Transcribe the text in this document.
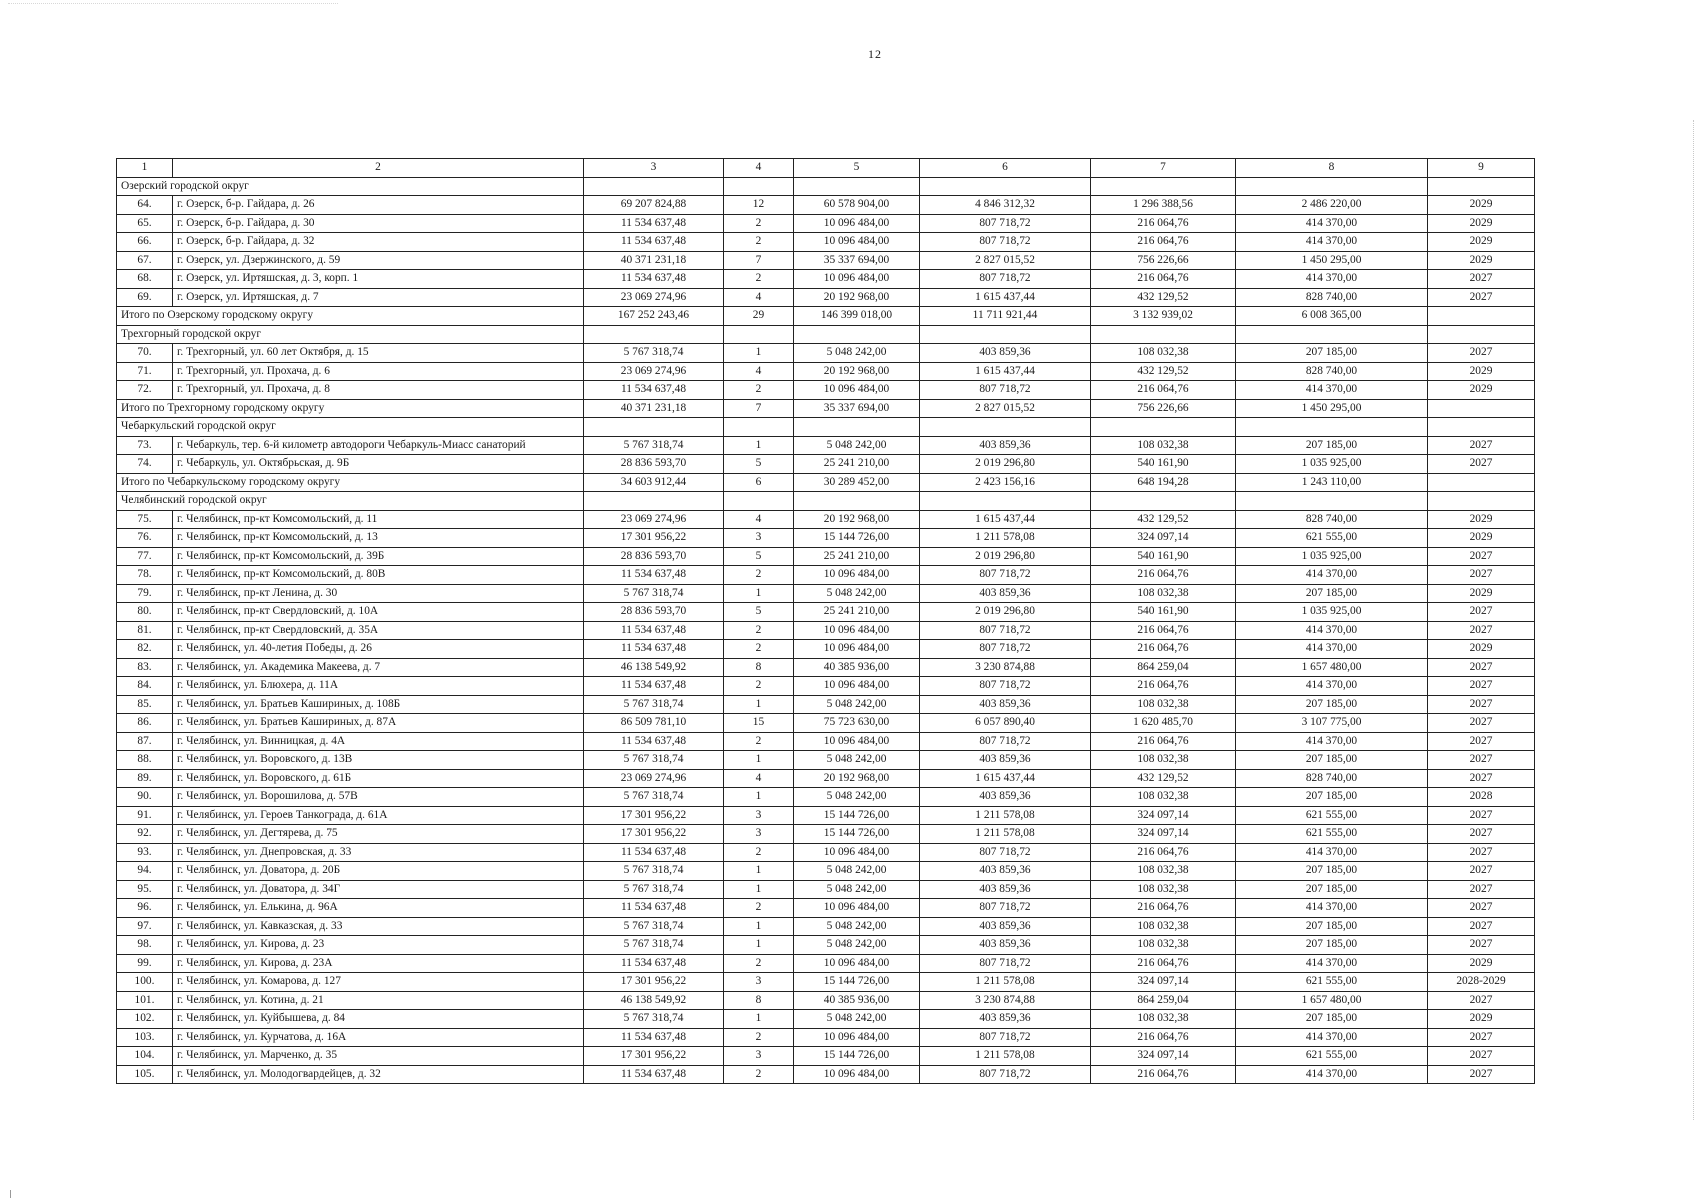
12
1	2	3	4	5	6	7	8	9
Озерский городской округ								
64.	г. Озерск, б-р. Гайдара, д. 26	69 207 824,88	12	60 578 904,00	4 846 312,32	1 296 388,56	2 486 220,00	2029
65.	г. Озерск, б-р. Гайдара, д. 30	11 534 637,48	2	10 096 484,00	807 718,72	216 064,76	414 370,00	2029
66.	г. Озерск, б-р. Гайдара, д. 32	11 534 637,48	2	10 096 484,00	807 718,72	216 064,76	414 370,00	2029
67.	г. Озерск, ул. Дзержинского, д. 59	40 371 231,18	7	35 337 694,00	2 827 015,52	756 226,66	1 450 295,00	2029
68.	г. Озерск, ул. Иртяшская, д. 3, корп. 1	11 534 637,48	2	10 096 484,00	807 718,72	216 064,76	414 370,00	2027
69.	г. Озерск, ул. Иртяшская, д. 7	23 069 274,96	4	20 192 968,00	1 615 437,44	432 129,52	828 740,00	2027
Итого по Озерскому городскому округу		167 252 243,46	29	146 399 018,00	11 711 921,44	3 132 939,02	6 008 365,00	
Трехгорный городской округ								
70.	г. Трехгорный, ул. 60 лет Октября, д. 15	5 767 318,74	1	5 048 242,00	403 859,36	108 032,38	207 185,00	2027
71.	г. Трехгорный, ул. Прохача, д. 6	23 069 274,96	4	20 192 968,00	1 615 437,44	432 129,52	828 740,00	2029
72.	г. Трехгорный, ул. Прохача, д. 8	11 534 637,48	2	10 096 484,00	807 718,72	216 064,76	414 370,00	2029
Итого по Трехгорному городскому округу		40 371 231,18	7	35 337 694,00	2 827 015,52	756 226,66	1 450 295,00	
Чебаркульский городской округ								
73.	г. Чебаркуль, тер. 6-й километр автодороги Чебаркуль-Миасс санаторий	5 767 318,74	1	5 048 242,00	403 859,36	108 032,38	207 185,00	2027
74.	г. Чебаркуль, ул. Октябрьская, д. 9Б	28 836 593,70	5	25 241 210,00	2 019 296,80	540 161,90	1 035 925,00	2027
Итого по Чебаркульскому городскому округу		34 603 912,44	6	30 289 452,00	2 423 156,16	648 194,28	1 243 110,00	
Челябинский городской округ								
75.	г. Челябинск, пр-кт Комсомольский, д. 11	23 069 274,96	4	20 192 968,00	1 615 437,44	432 129,52	828 740,00	2029
76.	г. Челябинск, пр-кт Комсомольский, д. 13	17 301 956,22	3	15 144 726,00	1 211 578,08	324 097,14	621 555,00	2029
77.	г. Челябинск, пр-кт Комсомольский, д. 39Б	28 836 593,70	5	25 241 210,00	2 019 296,80	540 161,90	1 035 925,00	2027
78.	г. Челябинск, пр-кт Комсомольский, д. 80В	11 534 637,48	2	10 096 484,00	807 718,72	216 064,76	414 370,00	2027
79.	г. Челябинск, пр-кт Ленина, д. 30	5 767 318,74	1	5 048 242,00	403 859,36	108 032,38	207 185,00	2029
80.	г. Челябинск, пр-кт Свердловский, д. 10А	28 836 593,70	5	25 241 210,00	2 019 296,80	540 161,90	1 035 925,00	2027
81.	г. Челябинск, пр-кт Свердловский, д. 35А	11 534 637,48	2	10 096 484,00	807 718,72	216 064,76	414 370,00	2027
82.	г. Челябинск, ул. 40-летия Победы, д. 26	11 534 637,48	2	10 096 484,00	807 718,72	216 064,76	414 370,00	2029
83.	г. Челябинск, ул. Академика Макеева, д. 7	46 138 549,92	8	40 385 936,00	3 230 874,88	864 259,04	1 657 480,00	2027
84.	г. Челябинск, ул. Блюхера, д. 11А	11 534 637,48	2	10 096 484,00	807 718,72	216 064,76	414 370,00	2027
85.	г. Челябинск, ул. Братьев Кашириных, д. 108Б	5 767 318,74	1	5 048 242,00	403 859,36	108 032,38	207 185,00	2027
86.	г. Челябинск, ул. Братьев Кашириных, д. 87А	86 509 781,10	15	75 723 630,00	6 057 890,40	1 620 485,70	3 107 775,00	2027
87.	г. Челябинск, ул. Винницкая, д. 4А	11 534 637,48	2	10 096 484,00	807 718,72	216 064,76	414 370,00	2027
88.	г. Челябинск, ул. Воровского, д. 13В	5 767 318,74	1	5 048 242,00	403 859,36	108 032,38	207 185,00	2027
89.	г. Челябинск, ул. Воровского, д. 61Б	23 069 274,96	4	20 192 968,00	1 615 437,44	432 129,52	828 740,00	2027
90.	г. Челябинск, ул. Ворошилова, д. 57В	5 767 318,74	1	5 048 242,00	403 859,36	108 032,38	207 185,00	2028
91.	г. Челябинск, ул. Героев Танкограда, д. 61А	17 301 956,22	3	15 144 726,00	1 211 578,08	324 097,14	621 555,00	2027
92.	г. Челябинск, ул. Дегтярева, д. 75	17 301 956,22	3	15 144 726,00	1 211 578,08	324 097,14	621 555,00	2027
93.	г. Челябинск, ул. Днепровская, д. 33	11 534 637,48	2	10 096 484,00	807 718,72	216 064,76	414 370,00	2027
94.	г. Челябинск, ул. Доватора, д. 20Б	5 767 318,74	1	5 048 242,00	403 859,36	108 032,38	207 185,00	2027
95.	г. Челябинск, ул. Доватора, д. 34Г	5 767 318,74	1	5 048 242,00	403 859,36	108 032,38	207 185,00	2027
96.	г. Челябинск, ул. Елькина, д. 96А	11 534 637,48	2	10 096 484,00	807 718,72	216 064,76	414 370,00	2027
97.	г. Челябинск, ул. Кавказская, д. 33	5 767 318,74	1	5 048 242,00	403 859,36	108 032,38	207 185,00	2027
98.	г. Челябинск, ул. Кирова, д. 23	5 767 318,74	1	5 048 242,00	403 859,36	108 032,38	207 185,00	2027
99.	г. Челябинск, ул. Кирова, д. 23А	11 534 637,48	2	10 096 484,00	807 718,72	216 064,76	414 370,00	2029
100.	г. Челябинск, ул. Комарова, д. 127	17 301 956,22	3	15 144 726,00	1 211 578,08	324 097,14	621 555,00	2028-2029
101.	г. Челябинск, ул. Котина, д. 21	46 138 549,92	8	40 385 936,00	3 230 874,88	864 259,04	1 657 480,00	2027
102.	г. Челябинск, ул. Куйбышева, д. 84	5 767 318,74	1	5 048 242,00	403 859,36	108 032,38	207 185,00	2029
103.	г. Челябинск, ул. Курчатова, д. 16А	11 534 637,48	2	10 096 484,00	807 718,72	216 064,76	414 370,00	2027
104.	г. Челябинск, ул. Марченко, д. 35	17 301 956,22	3	15 144 726,00	1 211 578,08	324 097,14	621 555,00	2027
105.	г. Челябинск, ул. Молодогвардейцев, д. 32	11 534 637,48	2	10 096 484,00	807 718,72	216 064,76	414 370,00	2027
